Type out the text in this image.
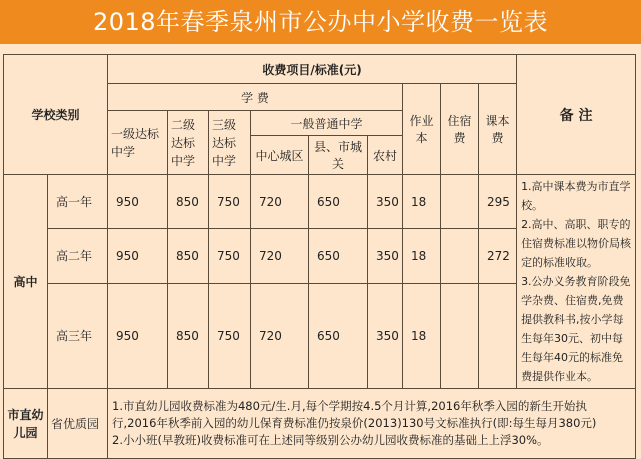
2018年春季泉州市公办中小学收费一览表
学校类别		收费项目/标准(元)									备 注
		学 费						作业本	住宿费	课本费	
		一级达标中学	二级达标中学	三级达标中学	一般普通中学						
					中心城区	县、市城关	农村				
高中	高一年	950	850	750	720	650	350	18		295	1.高中课本费为市直学校。

2.高中、高职、职专的住宿费标准以物价局核定的标准收取。

3.公办义务教育阶段免学杂费、住宿费,免费提供教科书,按小学每生每年30元、初中每生每年40元的标准免费提供作业本。

	高二年	950	850	750	720	650	350	18		272	
	高三年	950	850	750	720	650	350	18			
市直幼儿园	省优质园	1.市直幼儿园收费标准为480元/生.月,每个学期按4.5个月计算,2016年秋季入园的新生开始执行,2016年秋季前入园的幼儿保育费标准仍按泉价(2013)130号文标准执行(即:每生每月380元)

2.小小班(早教班)收费标准可在上述同等级别公办幼儿园收费标准的基础上上浮30%。									
